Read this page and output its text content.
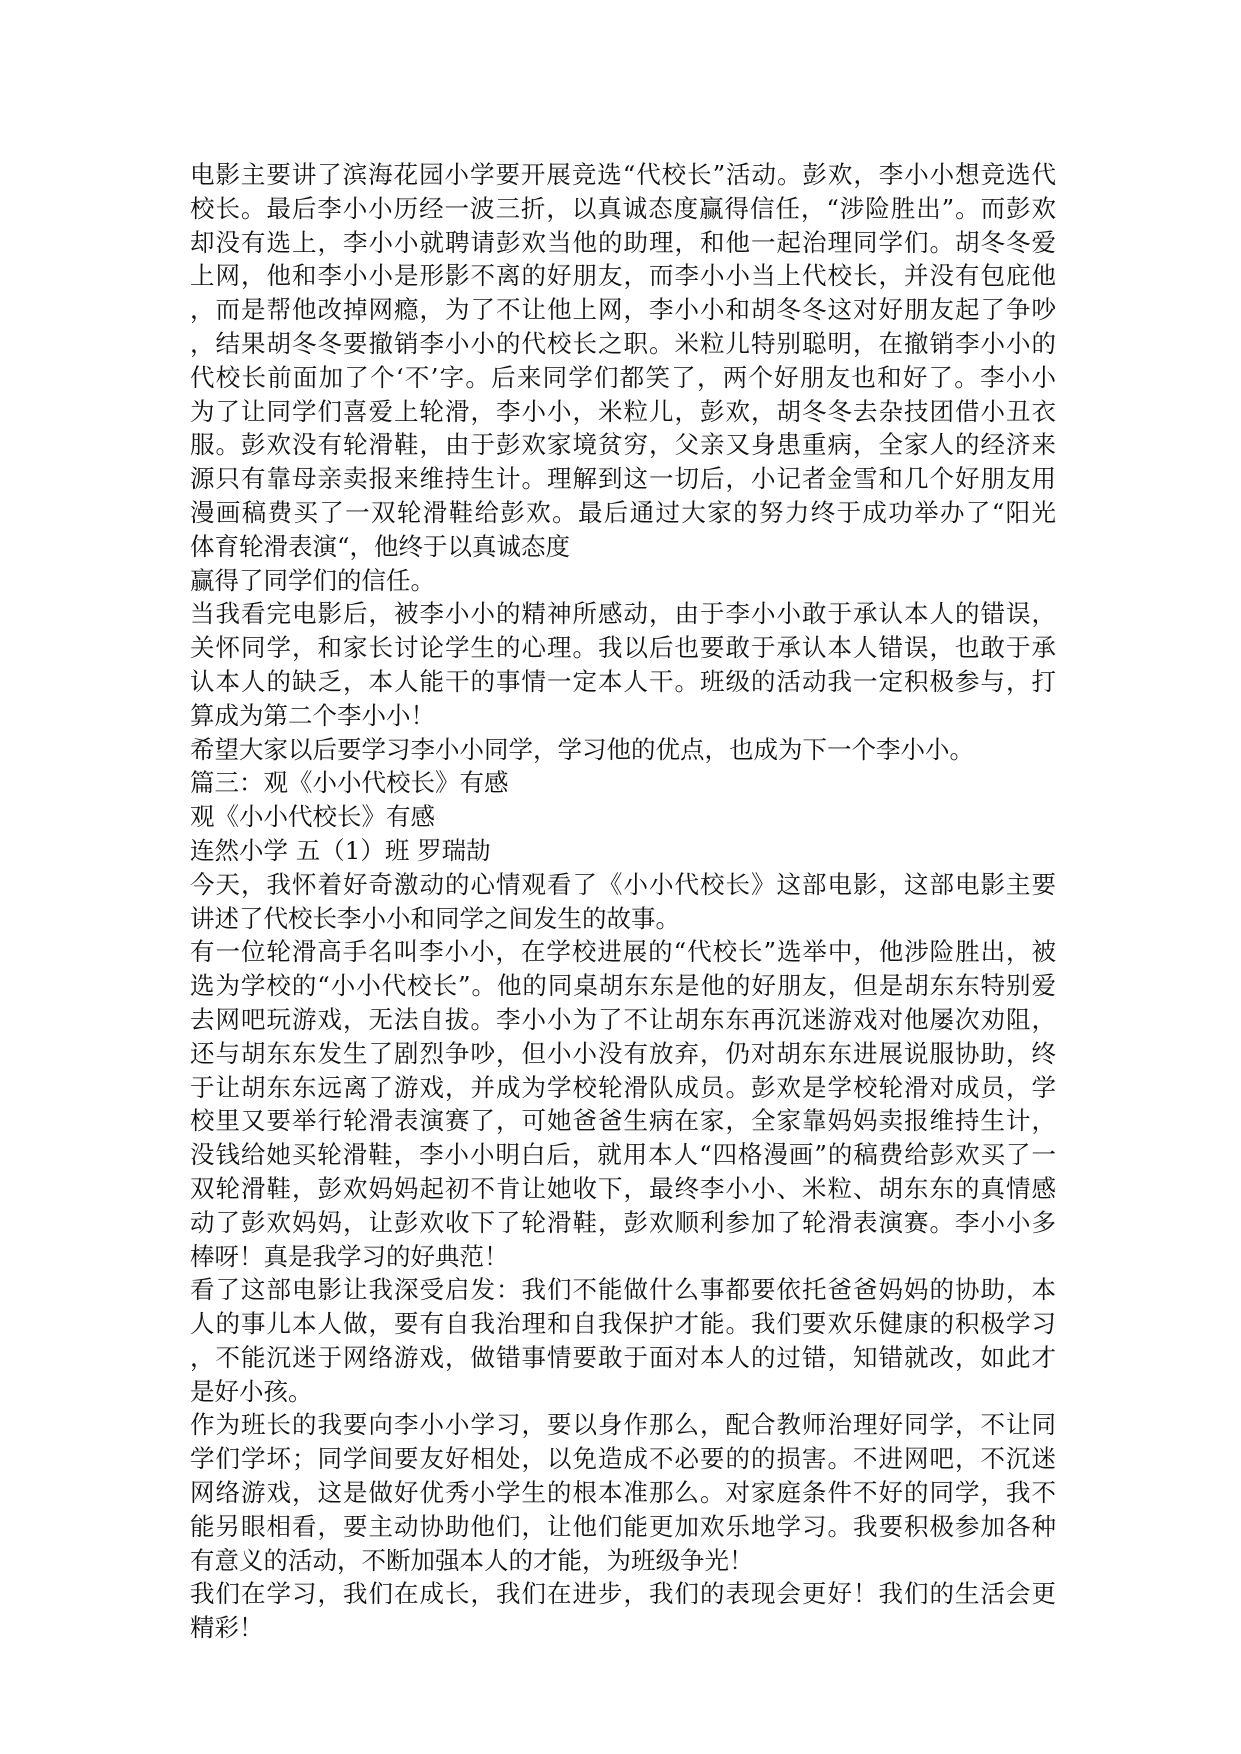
电影主要讲了滨海花园小学要开展竞选“代校长”活动。彭欢，李小小想竞选代
校长。最后李小小历经一波三折，以真诚态度赢得信任，“涉险胜出”。而彭欢
却没有选上，李小小就聘请彭欢当他的助理，和他一起治理同学们。胡冬冬爱
上网，他和李小小是形影不离的好朋友，而李小小当上代校长，并没有包庇他
，而是帮他改掉网瘾，为了不让他上网，李小小和胡冬冬这对好朋友起了争吵
，结果胡冬冬要撤销李小小的代校长之职。米粒儿特别聪明，在撤销李小小的
代校长前面加了个‘不’字。后来同学们都笑了，两个好朋友也和好了。李小小
为了让同学们喜爱上轮滑，李小小，米粒儿，彭欢，胡冬冬去杂技团借小丑衣
服。彭欢没有轮滑鞋，由于彭欢家境贫穷，父亲又身患重病，全家人的经济来
源只有靠母亲卖报来维持生计。理解到这一切后，小记者金雪和几个好朋友用
漫画稿费买了一双轮滑鞋给彭欢。最后通过大家的努力终于成功举办了“阳光
体育轮滑表演“，他终于以真诚态度
赢得了同学们的信任。
当我看完电影后，被李小小的精神所感动，由于李小小敢于承认本人的错误，
关怀同学，和家长讨论学生的心理。我以后也要敢于承认本人错误，也敢于承
认本人的缺乏，本人能干的事情一定本人干。班级的活动我一定积极参与，打
算成为第二个李小小！
希望大家以后要学习李小小同学，学习他的优点，也成为下一个李小小。
篇三：观《小小代校长》有感
观《小小代校长》有感
连然小学 五（1）班 罗瑞劼
今天，我怀着好奇激动的心情观看了《小小代校长》这部电影，这部电影主要
讲述了代校长李小小和同学之间发生的故事。
有一位轮滑高手名叫李小小，在学校进展的“代校长”选举中，他涉险胜出，被
选为学校的“小小代校长”。他的同桌胡东东是他的好朋友，但是胡东东特别爱
去网吧玩游戏，无法自拔。李小小为了不让胡东东再沉迷游戏对他屡次劝阻，
还与胡东东发生了剧烈争吵，但小小没有放弃，仍对胡东东进展说服协助，终
于让胡东东远离了游戏，并成为学校轮滑队成员。彭欢是学校轮滑对成员，学
校里又要举行轮滑表演赛了，可她爸爸生病在家，全家靠妈妈卖报维持生计，
没钱给她买轮滑鞋，李小小明白后，就用本人“四格漫画”的稿费给彭欢买了一
双轮滑鞋，彭欢妈妈起初不肯让她收下，最终李小小、米粒、胡东东的真情感
动了彭欢妈妈，让彭欢收下了轮滑鞋，彭欢顺利参加了轮滑表演赛。李小小多
棒呀！真是我学习的好典范！
看了这部电影让我深受启发：我们不能做什么事都要依托爸爸妈妈的协助，本
人的事儿本人做，要有自我治理和自我保护才能。我们要欢乐健康的积极学习
，不能沉迷于网络游戏，做错事情要敢于面对本人的过错，知错就改，如此才
是好小孩。
作为班长的我要向李小小学习，要以身作那么，配合教师治理好同学，不让同
学们学坏；同学间要友好相处，以免造成不必要的的损害。不进网吧，不沉迷
网络游戏，这是做好优秀小学生的根本准那么。对家庭条件不好的同学，我不
能另眼相看，要主动协助他们，让他们能更加欢乐地学习。我要积极参加各种
有意义的活动，不断加强本人的才能，为班级争光！
我们在学习，我们在成长，我们在进步，我们的表现会更好！我们的生活会更
精彩！
